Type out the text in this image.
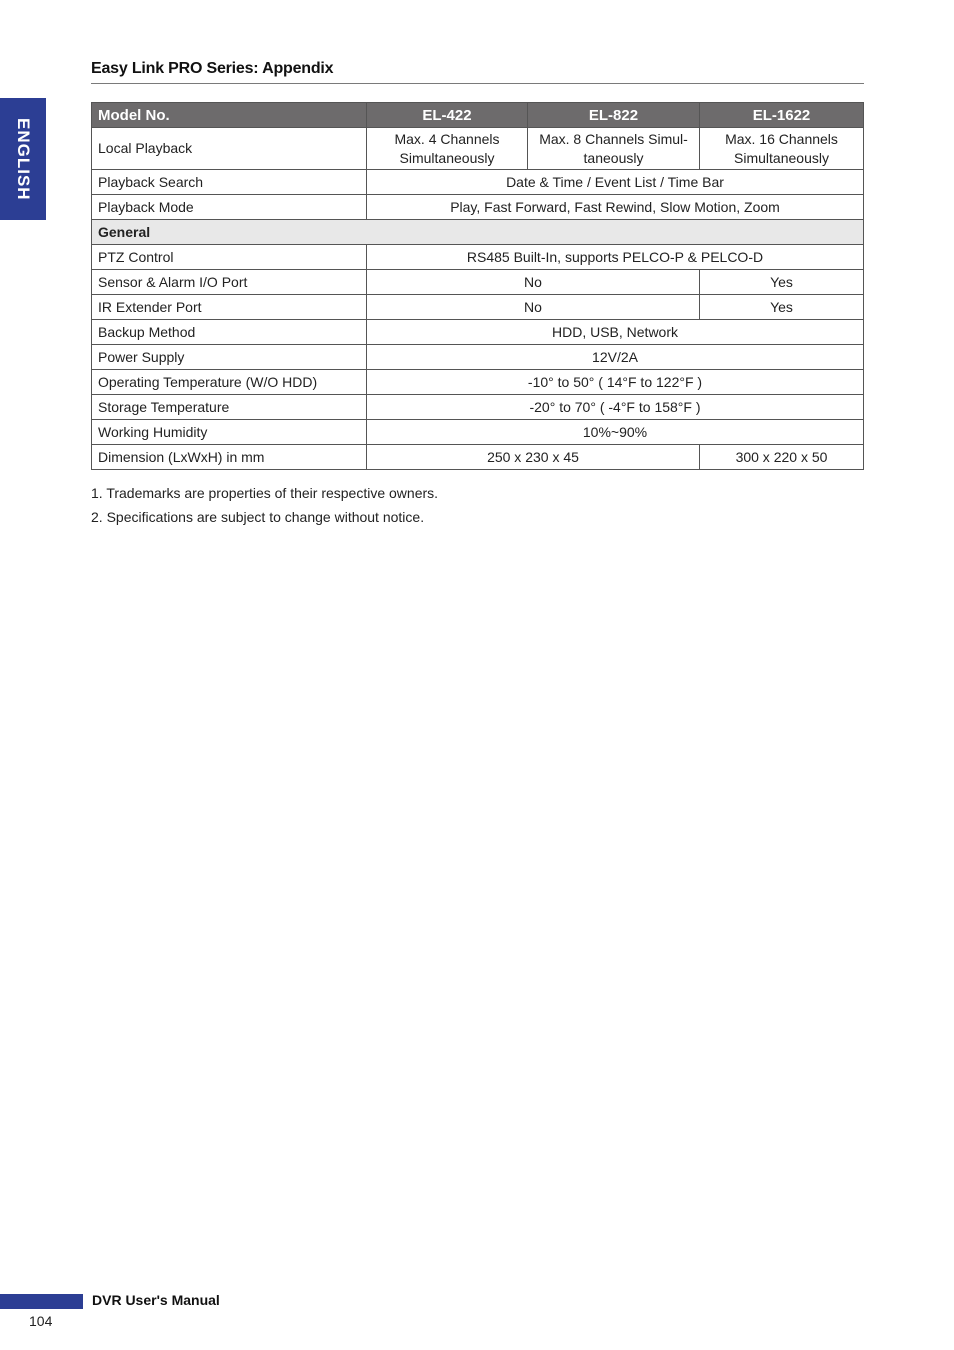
Easy Link PRO Series: Appendix
ENGLISH
Model No.	EL-422	EL-822	EL-1622
Local Playback	Max. 4 Channels Simultaneously	Max. 8 Channels Simul-taneously	Max. 16 Channels Simultaneously
Playback Search	Date & Time / Event List / Time Bar		
Playback Mode	Play, Fast Forward, Fast Rewind, Slow Motion, Zoom		
General			
PTZ Control	RS485 Built-In, supports PELCO-P & PELCO-D		
Sensor & Alarm I/O Port	No		Yes
IR Extender Port	No		Yes
Backup Method	HDD, USB, Network		
Power Supply	12V/2A		
Operating Temperature (W/O HDD)	-10° to 50° ( 14°F to 122°F )		
Storage Temperature	-20° to 70° ( -4°F to 158°F )		
Working Humidity	10%~90%		
Dimension (LxWxH) in mm	250 x 230 x 45		300 x 220 x 50
1. Trademarks are properties of their respective owners.
2. Specifications are subject to change without notice.
DVR User's Manual
104
